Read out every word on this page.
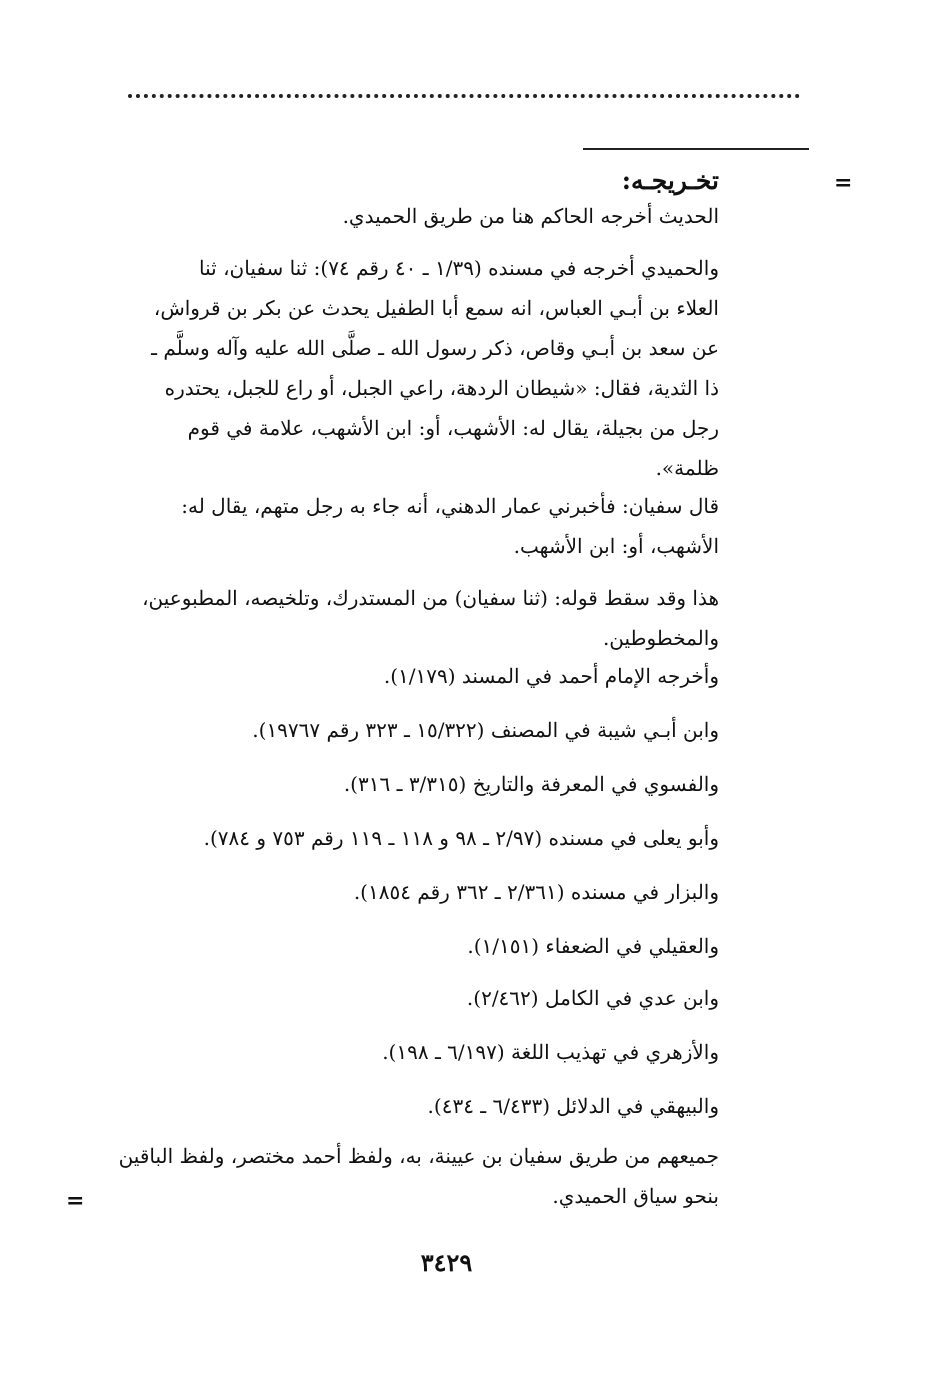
=
تخـريجـه:
الحديث أخرجه الحاكم هنا من طريق الحميدي.
والحميدي أخرجه في مسنده (١/٣٩ ـ ٤٠ رقم ٧٤): ثنا سفيان، ثنا
العلاء بن أبـي العباس، انه سمع أبا الطفيل يحدث عن بكر بن قرواش،
عن سعد بن أبـي وقاص، ذكر رسول الله ـ صلَّى الله عليه وآله وسلَّم ـ
ذا الثدية، فقال: «شيطان الردهة، راعي الجبل، أو راع للجبل، يحتدره
رجل من بجيلة، يقال له: الأشهب، أو: ابن الأشهب، علامة في قوم
ظلمة».
قال سفيان: فأخبرني عمار الدهني، أنه جاء به رجل متهم، يقال له:
الأشهب، أو: ابن الأشهب.
هذا وقد سقط قوله: (ثنا سفيان) من المستدرك، وتلخيصه، المطبوعين،
والمخطوطين.
وأخرجه الإمام أحمد في المسند (١/١٧٩).
وابن أبـي شيبة في المصنف (١٥/٣٢٢ ـ ٣٢٣ رقم ١٩٧٦٧).
والفسوي في المعرفة والتاريخ (٣/٣١٥ ـ ٣١٦).
وأبو يعلى في مسنده (٢/٩٧ ـ ٩٨ و ١١٨ ـ ١١٩ رقم ٧٥٣ و ٧٨٤).
والبزار في مسنده (٢/٣٦١ ـ ٣٦٢ رقم ١٨٥٤).
والعقيلي في الضعفاء (١/١٥١).
وابن عدي في الكامل (٢/٤٦٢).
والأزهري في تهذيب اللغة (٦/١٩٧ ـ ١٩٨).
والبيهقي في الدلائل (٦/٤٣٣ ـ ٤٣٤).
جميعهم من طريق سفيان بن عيينة، به، ولفظ أحمد مختصر، ولفظ الباقين
بنحو سياق الحميدي.
=
٣٤٢٩
